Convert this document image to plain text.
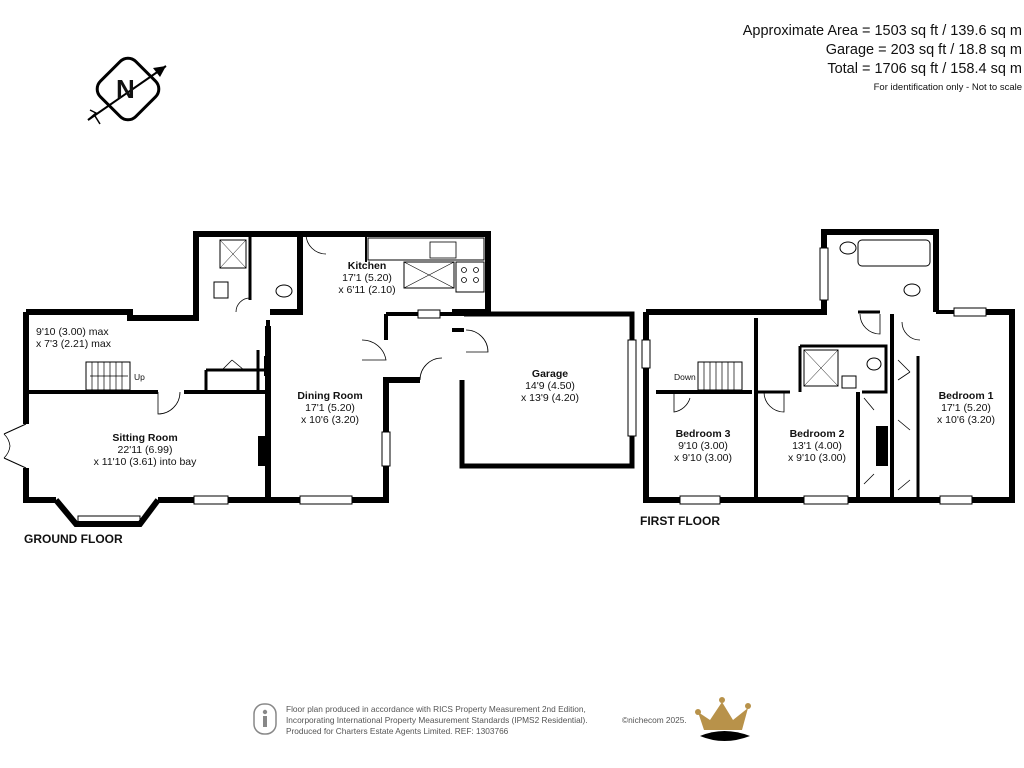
Approximate Area = 1503 sq ft / 139.6 sq m
Garage = 203 sq ft / 18.8 sq m
Total = 1706 sq ft / 158.4 sq m
For identification only - Not to scale
N
9'10 (3.00) max
x 7'3 (2.21) max
Kitchen
17'1 (5.20)
x 6'11 (2.10)
Sitting Room
22'11 (6.99)
x 11'10 (3.61) into bay
Dining Room
17'1 (5.20)
x 10'6 (3.20)
Garage
14'9 (4.50)
x 13'9 (4.20)
Up
GROUND FLOOR
Bedroom 3
9'10 (3.00)
x 9'10 (3.00)
Bedroom 2
13'1 (4.00)
x 9'10 (3.00)
Bedroom 1
17'1 (5.20)
x 10'6 (3.20)
Down
FIRST FLOOR
Floor plan produced in accordance with RICS Property Measurement 2nd Edition,
Incorporating International Property Measurement Standards (IPMS2 Residential).
Produced for Charters Estate Agents Limited. REF: 1303766
©nichecom 2025.
